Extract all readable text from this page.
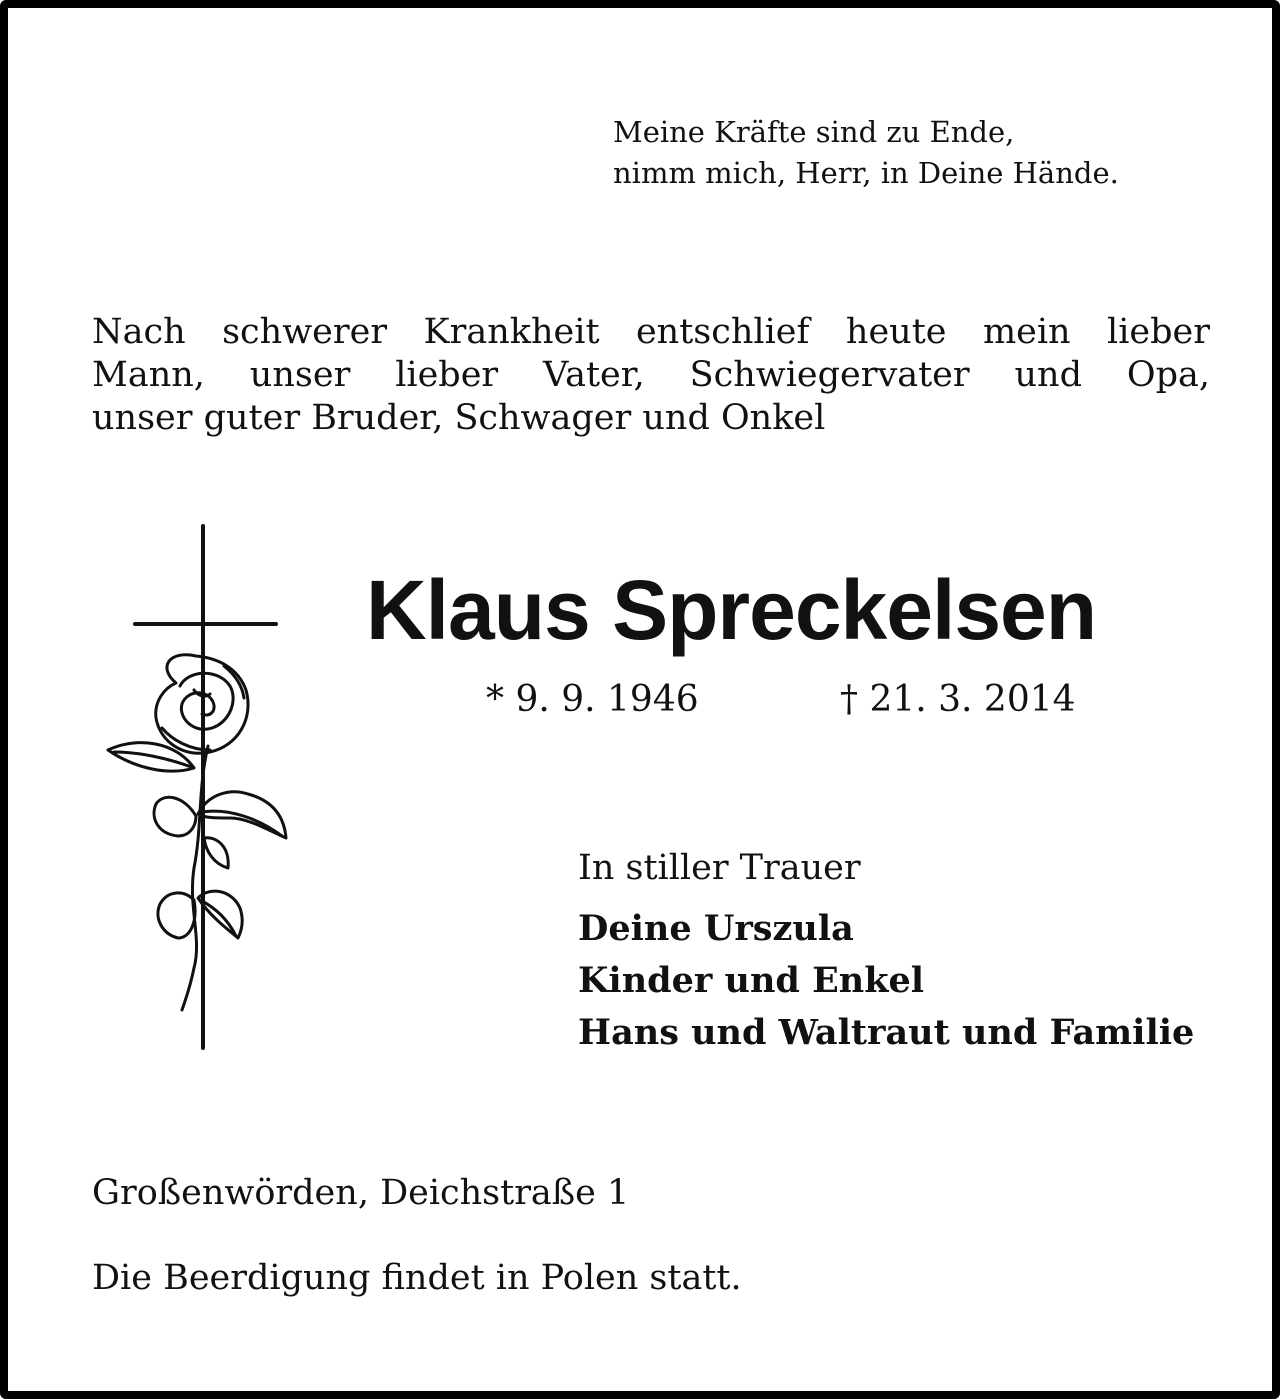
Meine Kräfte sind zu Ende,
nimm mich, Herr, in Deine Hände.
Nach schwerer Krankheit entschlief heute mein lieber
Mann, unser lieber Vater, Schwiegervater und Opa,
unser guter Bruder, Schwager und Onkel
Klaus Spreckelsen
* 9. 9. 1946	† 21. 3. 2014
In stiller Trauer
Deine Urszula
Kinder und Enkel
Hans und Waltraut und Familie
Großenwörden, Deichstraße 1
Die Beerdigung findet in Polen statt.
